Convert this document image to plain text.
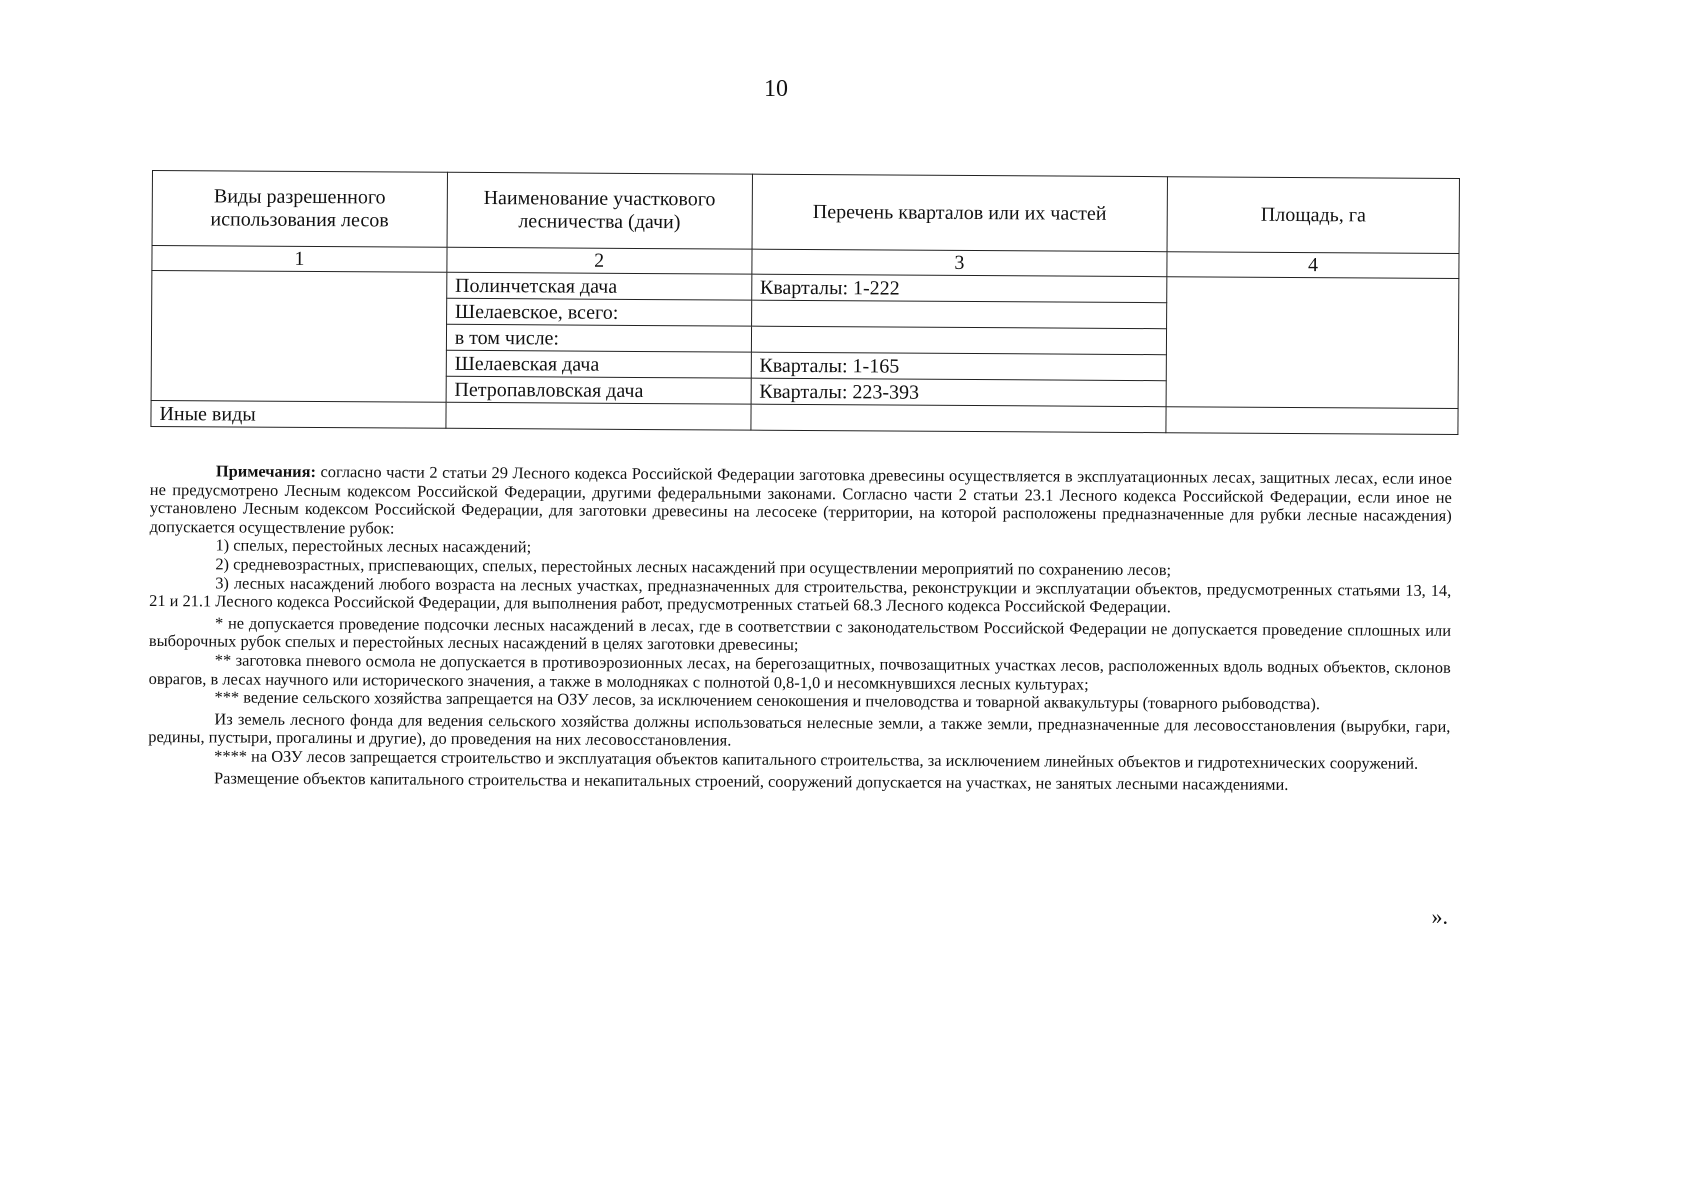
10
Виды разрешенного использования лесов	Наименование участкового лесничества (дачи)	Перечень кварталов или их частей	Площадь, га
1	2	3	4
	Полинчетская дача	Кварталы: 1-222	
	Шелаевское, всего:		
	в том числе:		
	Шелаевская дача	Кварталы: 1-165	
	Петропавловская дача	Кварталы: 223-393	
Иные виды			

Примечания: согласно части 2 статьи 29 Лесного кодекса Российской Федерации заготовка древесины осуществляется в эксплуатационных лесах, защитных лесах, если иное не предусмотрено Лесным кодексом Российской Федерации, другими федеральными законами. Согласно части 2 статьи 23.1 Лесного кодекса Российской Федерации, если иное не установлено Лесным кодексом Российской Федерации, для заготовки древесины на лесосеке (территории, на которой расположены предназначенные для рубки лесные насаждения) допускается осуществление рубок:

1) спелых, перестойных лесных насаждений;

2) средневозрастных, приспевающих, спелых, перестойных лесных насаждений при осуществлении мероприятий по сохранению лесов;

3) лесных насаждений любого возраста на лесных участках, предназначенных для строительства, реконструкции и эксплуатации объектов, предусмотренных статьями 13, 14, 21 и 21.1 Лесного кодекса Российской Федерации, для выполнения работ, предусмотренных статьей 68.3 Лесного кодекса Российской Федерации.

* не допускается проведение подсочки лесных насаждений в лесах, где в соответствии с законодательством Российской Федерации не допускается проведение сплошных или выборочных рубок спелых и перестойных лесных насаждений в целях заготовки древесины;

** заготовка пневого осмола не допускается в противоэрозионных лесах, на берегозащитных, почвозащитных участках лесов, расположенных вдоль водных объектов, склонов оврагов, в лесах научного или исторического значения, а также в молодняках с полнотой 0,8-1,0 и несомкнувшихся лесных культурах;

*** ведение сельского хозяйства запрещается на ОЗУ лесов, за исключением сенокошения и пчеловодства и товарной аквакультуры (товарного рыбоводства).

Из земель лесного фонда для ведения сельского хозяйства должны использоваться нелесные земли, а также земли, предназначенные для лесовосстановления (вырубки, гари, редины, пустыри, прогалины и другие), до проведения на них лесовосстановления.

**** на ОЗУ лесов запрещается строительство и эксплуатация объектов капитального строительства, за исключением линейных объектов и гидротехнических сооружений.

Размещение объектов капитального строительства и некапитальных строений, сооружений допускается на участках, не занятых лесными насаждениями.

».
